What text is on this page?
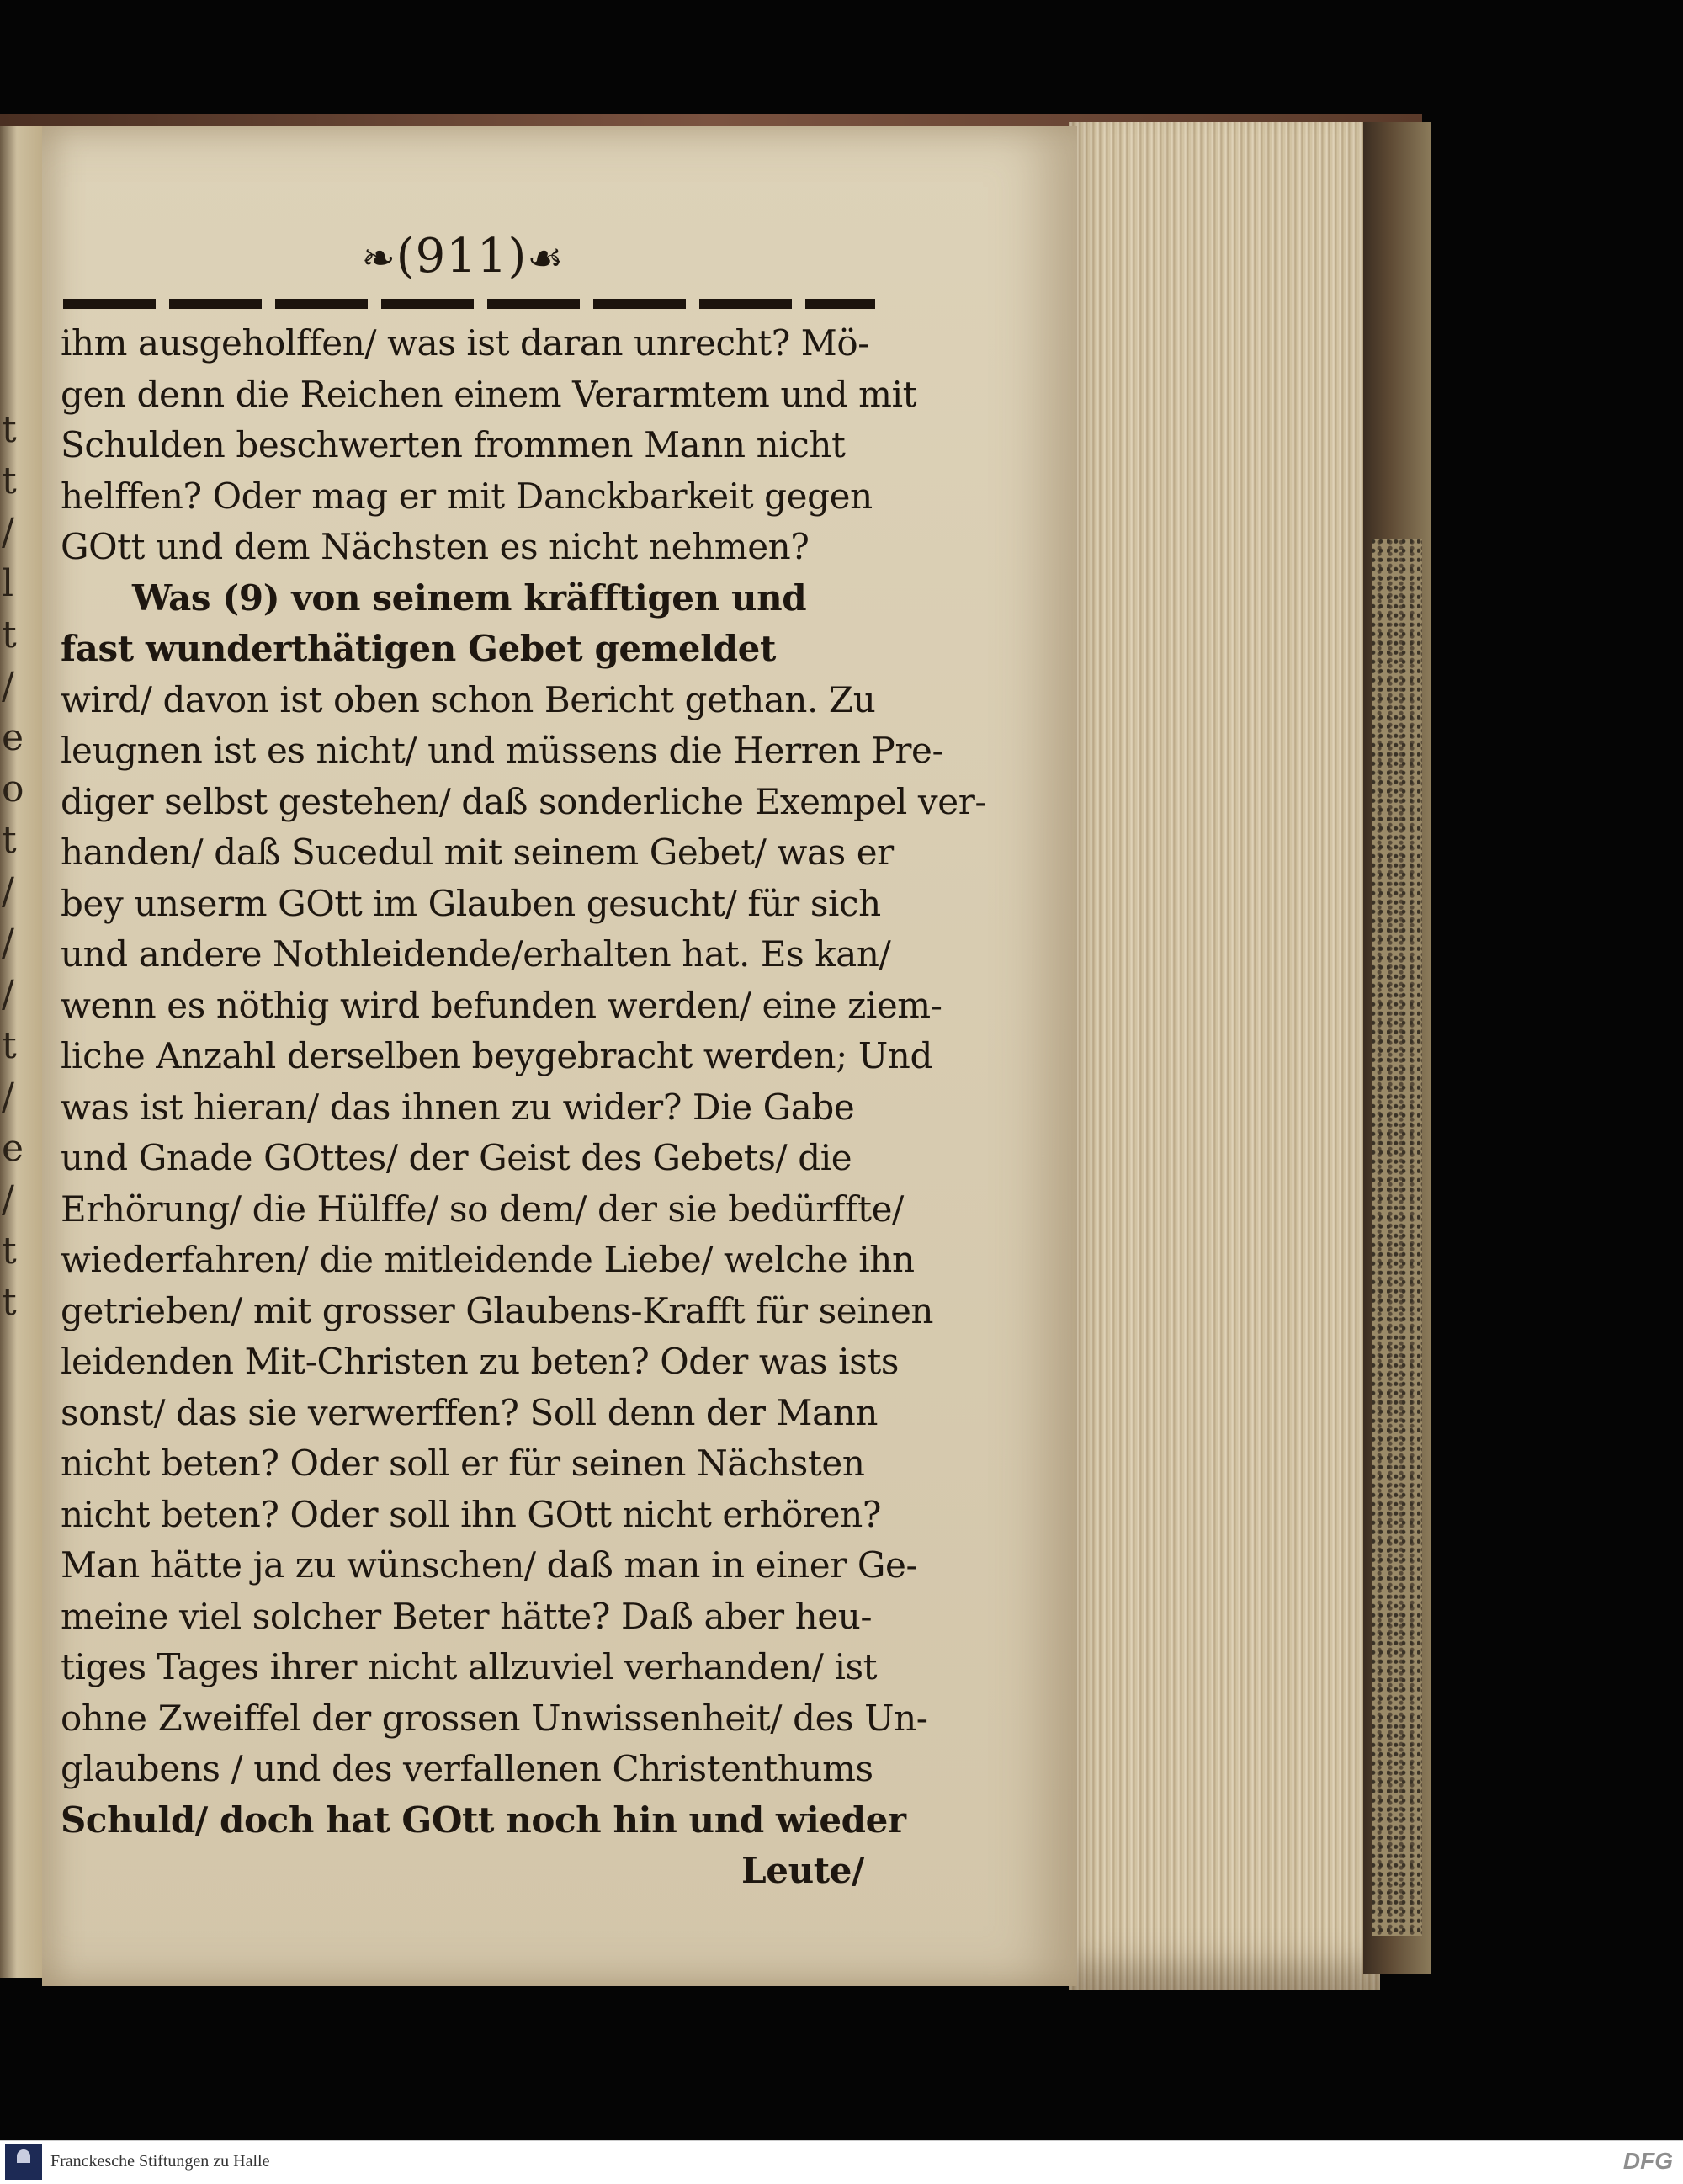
t
t
/
l
t
/
e
o
t
/
/
/
t
/
e
/
t
t
❧(911)☙
ihm ausgeholffen/ was ist daran unrecht? Mö-
gen denn die Reichen einem Verarmtem und mit
Schulden beschwerten frommen Mann nicht
helffen? Oder mag er mit Danckbarkeit gegen
GOtt und dem Nächsten es nicht nehmen?
Was (9) von seinem kräfftigen und
fast wunderthätigen Gebet gemeldet
wird/ davon ist oben schon Bericht gethan. Zu
leugnen ist es nicht/ und müssens die Herren Pre-
diger selbst gestehen/ daß sonderliche Exempel ver-
handen/ daß Sucedul mit seinem Gebet/ was er
bey unserm GOtt im Glauben gesucht/ für sich
und andere Nothleidende/erhalten hat. Es kan/
wenn es nöthig wird befunden werden/ eine ziem-
liche Anzahl derselben beygebracht werden; Und
was ist hieran/ das ihnen zu wider? Die Gabe
und Gnade GOttes/ der Geist des Gebets/ die
Erhörung/ die Hülffe/ so dem/ der sie bedürffte/
wiederfahren/ die mitleidende Liebe/ welche ihn
getrieben/ mit grosser Glaubens-Krafft für seinen
leidenden Mit-Christen zu beten? Oder was ists
sonst/ das sie verwerffen? Soll denn der Mann
nicht beten? Oder soll er für seinen Nächsten
nicht beten? Oder soll ihn GOtt nicht erhören?
Man hätte ja zu wünschen/ daß man in einer Ge-
meine viel solcher Beter hätte? Daß aber heu-
tiges Tages ihrer nicht allzuviel verhanden/ ist
ohne Zweiffel der grossen Unwissenheit/ des Un-
glaubens / und des verfallenen Christenthums
Schuld/ doch hat GOtt noch hin und wieder
Leute/
Franckesche Stiftungen zu Halle	DFG
